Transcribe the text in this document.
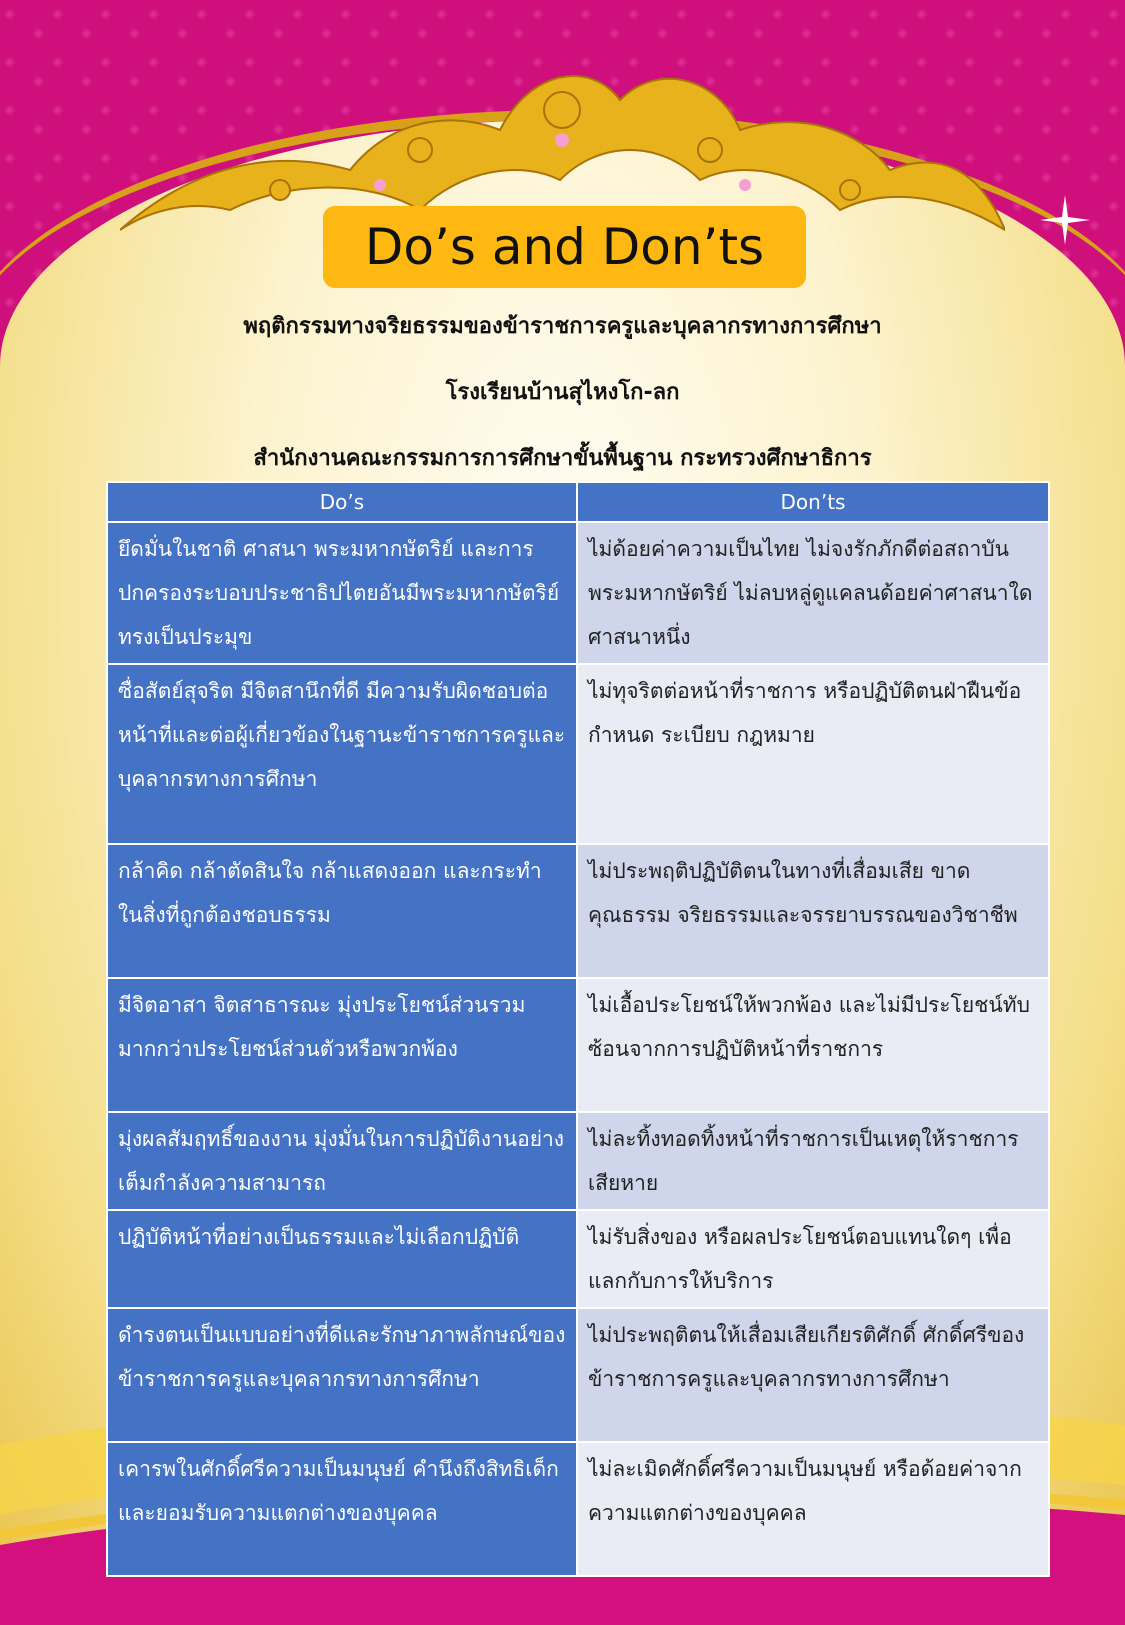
Do’s and Don’ts
พฤติกรรมทางจริยธรรมของข้าราชการครูและบุคลากรทางการศึกษา
โรงเรียนบ้านสุไหงโก-ลก
สำนักงานคณะกรรมการการศึกษาขั้นพื้นฐาน กระทรวงศึกษาธิการ
Do’s	Don’ts
ยึดมั่นในชาติ ศาสนา พระมหากษัตริย์ และการปกครองระบอบประชาธิปไตยอันมีพระมหากษัตริย์ทรงเป็นประมุข	ไม่ด้อยค่าความเป็นไทย ไม่จงรักภักดีต่อสถาบันพระมหากษัตริย์ ไม่ลบหลู่ดูแคลนด้อยค่าศาสนาใดศาสนาหนึ่ง
ซื่อสัตย์สุจริต มีจิตสานึกที่ดี มีความรับผิดชอบต่อหน้าที่และต่อผู้เกี่ยวข้องในฐานะข้าราชการครูและบุคลากรทางการศึกษา	ไม่ทุจริตต่อหน้าที่ราชการ หรือปฏิบัติตนฝ่าฝืนข้อกำหนด ระเบียบ กฎหมาย
กล้าคิด กล้าตัดสินใจ กล้าแสดงออก และกระทำในสิ่งที่ถูกต้องชอบธรรม	ไม่ประพฤติปฏิบัติตนในทางที่เสื่อมเสีย ขาดคุณธรรม จริยธรรมและจรรยาบรรณของวิชาชีพ
มีจิตอาสา จิตสาธารณะ มุ่งประโยชน์ส่วนรวมมากกว่าประโยชน์ส่วนตัวหรือพวกพ้อง	ไม่เอื้อประโยชน์ให้พวกพ้อง และไม่มีประโยชน์ทับซ้อนจากการปฏิบัติหน้าที่ราชการ
มุ่งผลสัมฤทธิ์ของงาน มุ่งมั่นในการปฏิบัติงานอย่างเต็มกำลังความสามารถ	ไม่ละทิ้งทอดทิ้งหน้าที่ราชการเป็นเหตุให้ราชการเสียหาย
ปฏิบัติหน้าที่อย่างเป็นธรรมและไม่เลือกปฏิบัติ	ไม่รับสิ่งของ หรือผลประโยชน์ตอบแทนใดๆ เพื่อแลกกับการให้บริการ
ดำรงตนเป็นแบบอย่างที่ดีและรักษาภาพลักษณ์ของข้าราชการครูและบุคลากรทางการศึกษา	ไม่ประพฤติตนให้เสื่อมเสียเกียรติศักดิ์ ศักดิ์ศรีของข้าราชการครูและบุคลากรทางการศึกษา
เคารพในศักดิ์ศรีความเป็นมนุษย์ คำนึงถึงสิทธิเด็ก และยอมรับความแตกต่างของบุคคล	ไม่ละเมิดศักดิ์ศรีความเป็นมนุษย์ หรือด้อยค่าจากความแตกต่างของบุคคล
